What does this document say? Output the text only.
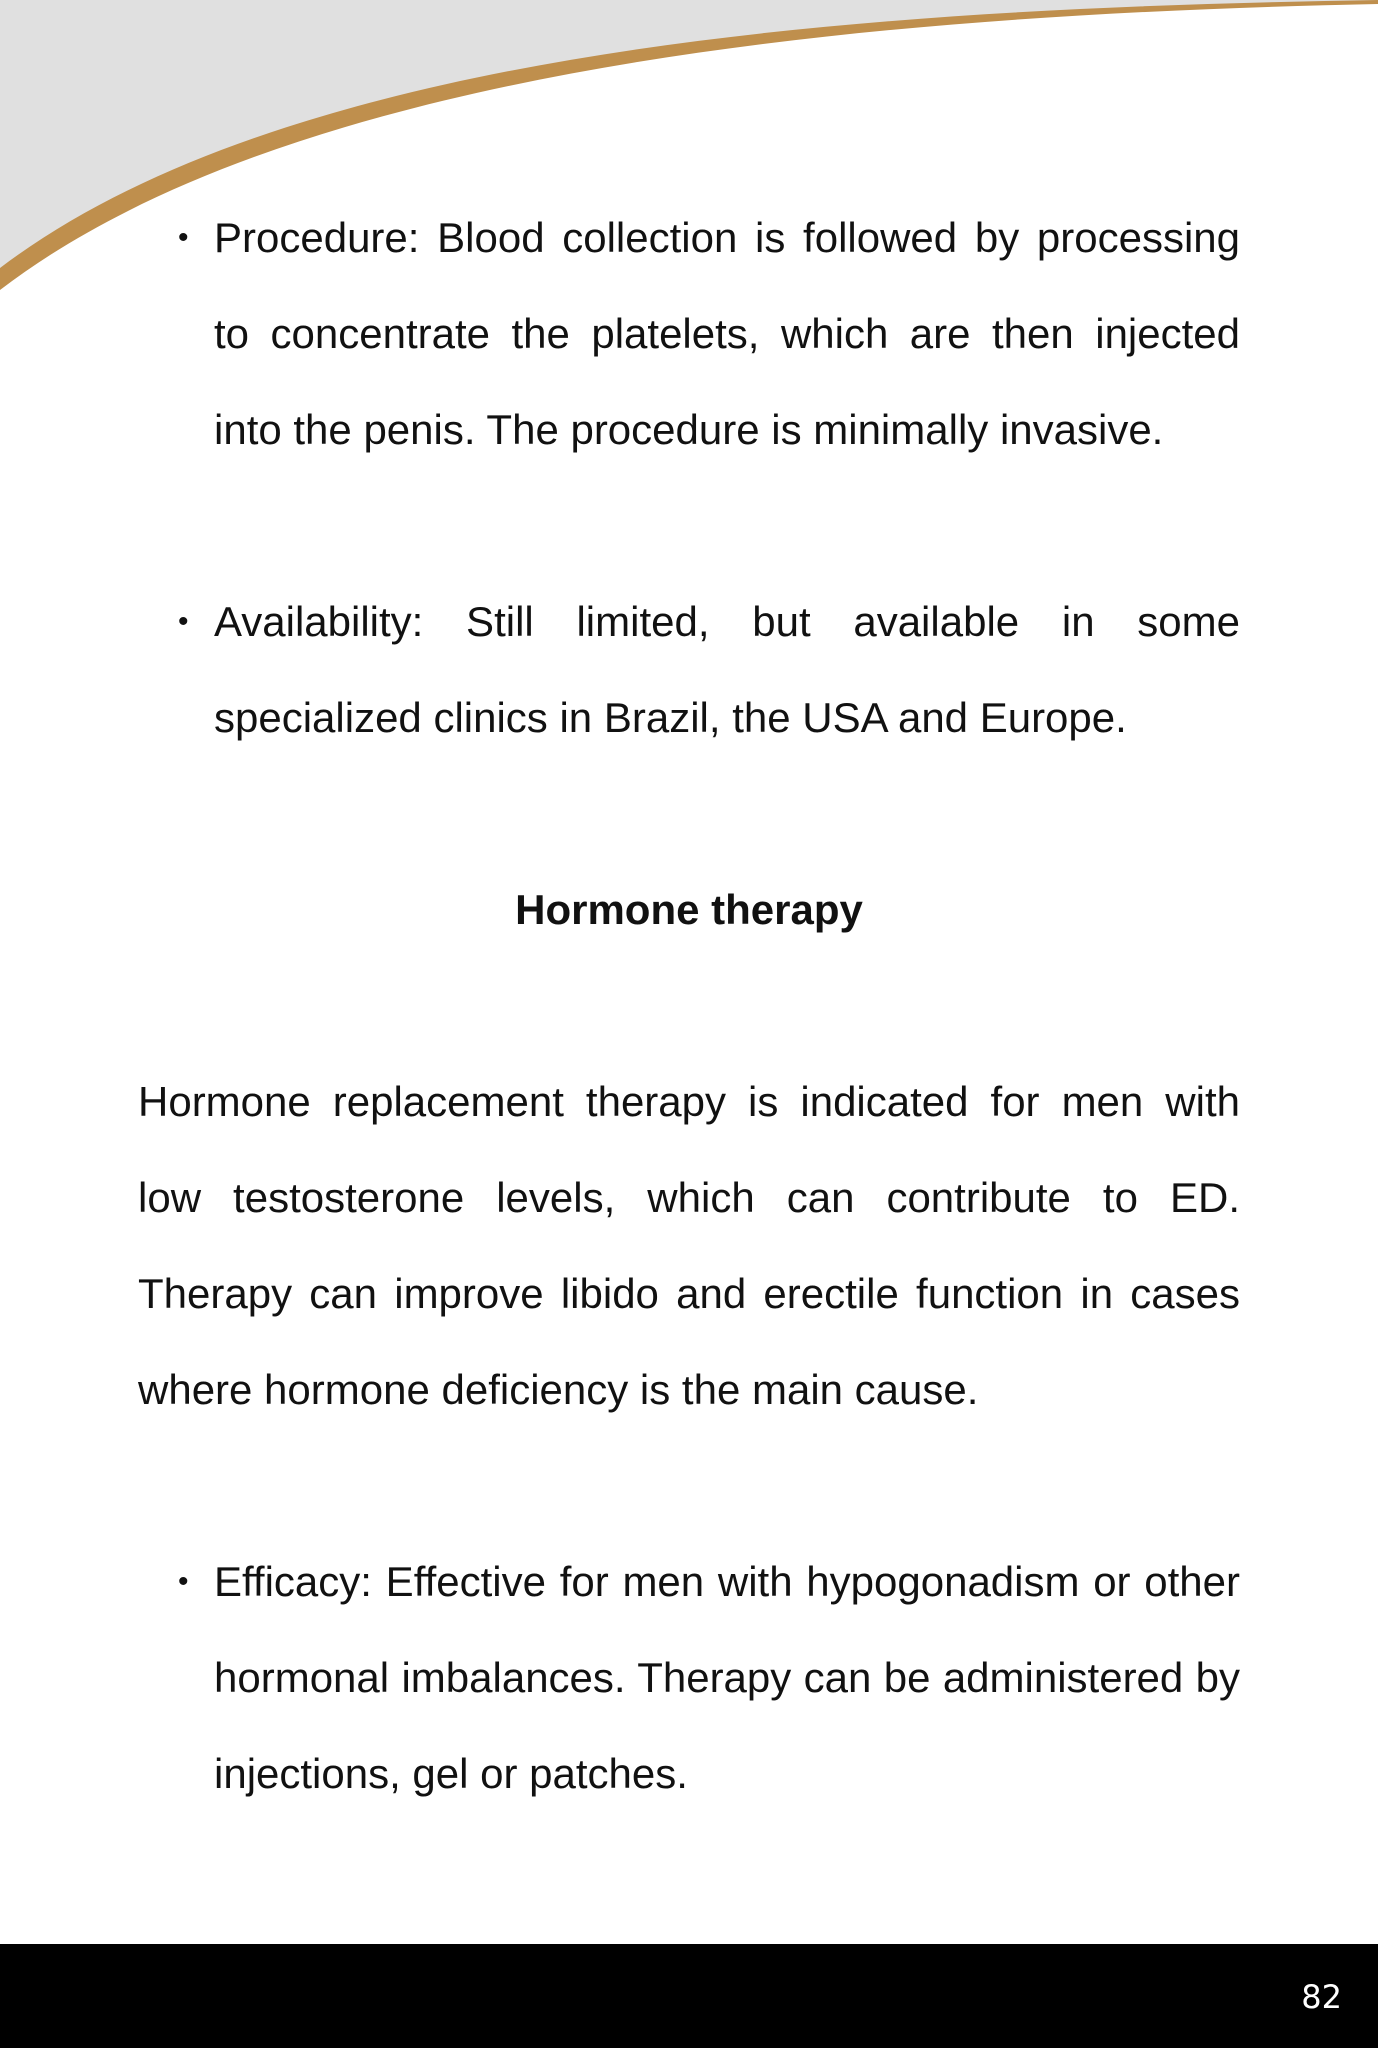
• Procedure: Blood collection is followed by processing to concentrate the platelets, which are then injected into the penis. The procedure is minimally invasive.
• Availability: Still limited, but available in some specialized clinics in Brazil, the USA and Europe.
Hormone therapy
Hormone replacement therapy is indicated for men with low testosterone levels, which can contribute to ED. Therapy can improve libido and erectile function in cases where hormone deficiency is the main cause.
• Efficacy: Effective for men with hypogonadism or other hormonal imbalances. Therapy can be administered by injections, gel or patches.
82
